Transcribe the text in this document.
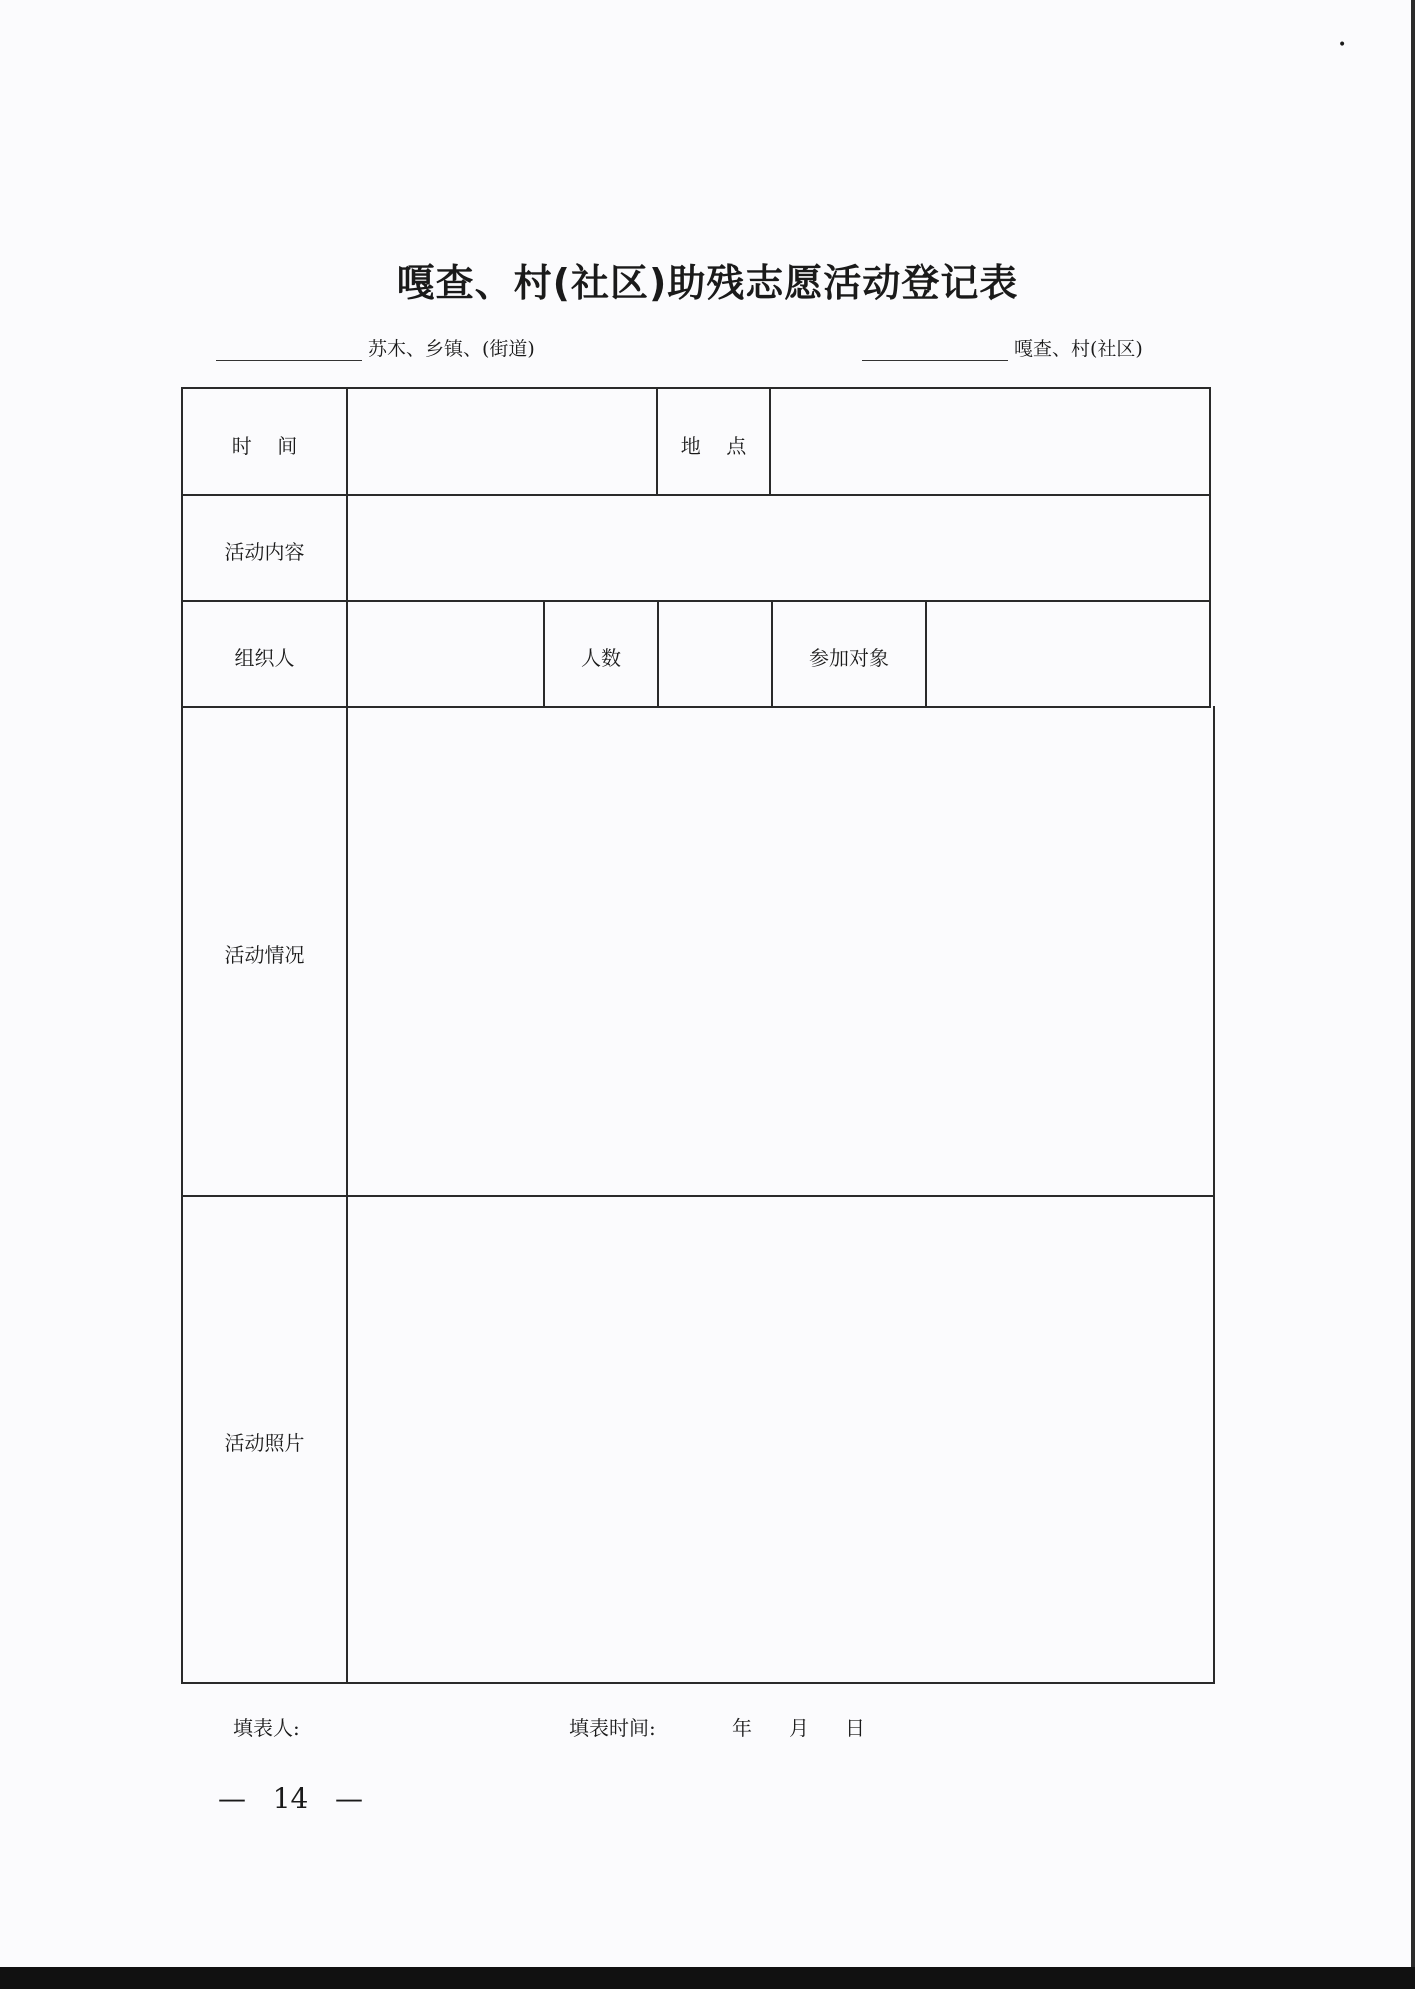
•
嘎查、村(社区)助残志愿活动登记表
苏木、乡镇、(街道)	嘎查、村(社区)
时    间	地    点
活动内容
组织人	人数	参加对象
活动情况
活动照片
填表人:	填表时间:	年 月 日
—   14   —
